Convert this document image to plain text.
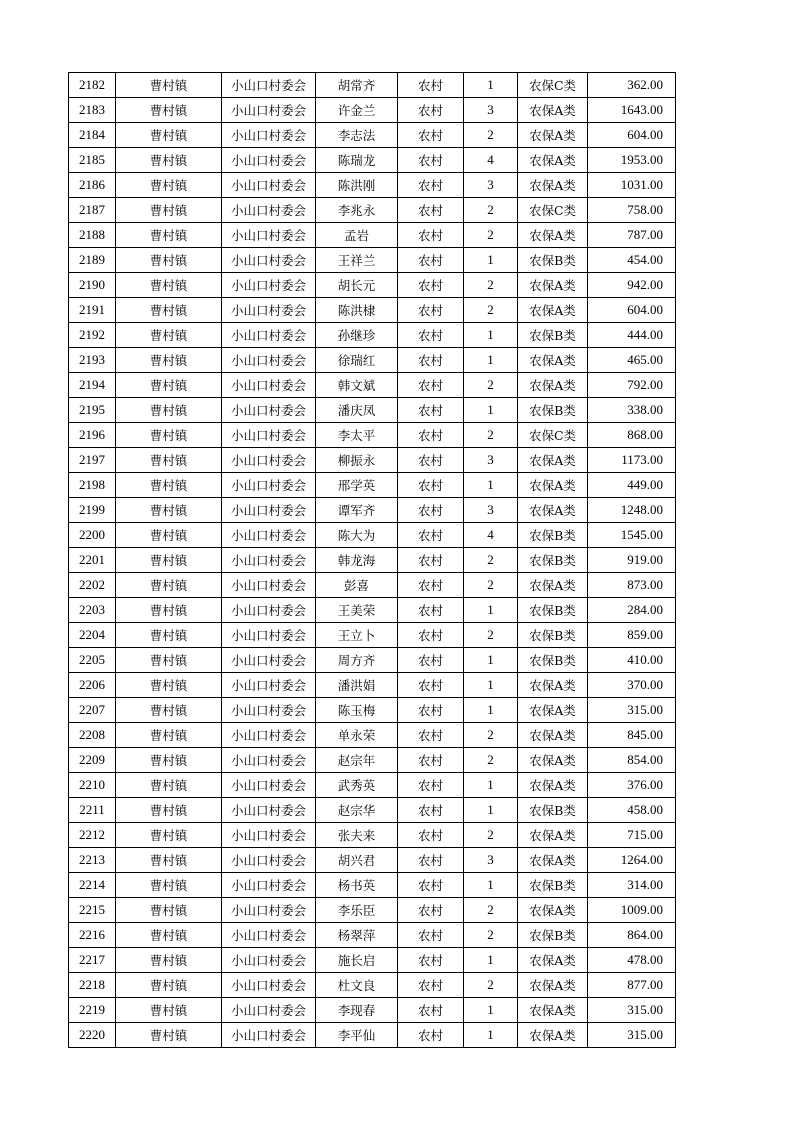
2182	曹村镇	小山口村委会	胡常齐	农村	1	农保C类	362.00
2183	曹村镇	小山口村委会	许金兰	农村	3	农保A类	1643.00
2184	曹村镇	小山口村委会	李志法	农村	2	农保A类	604.00
2185	曹村镇	小山口村委会	陈瑞龙	农村	4	农保A类	1953.00
2186	曹村镇	小山口村委会	陈洪刚	农村	3	农保A类	1031.00
2187	曹村镇	小山口村委会	李兆永	农村	2	农保C类	758.00
2188	曹村镇	小山口村委会	孟岩	农村	2	农保A类	787.00
2189	曹村镇	小山口村委会	王祥兰	农村	1	农保B类	454.00
2190	曹村镇	小山口村委会	胡长元	农村	2	农保A类	942.00
2191	曹村镇	小山口村委会	陈洪棣	农村	2	农保A类	604.00
2192	曹村镇	小山口村委会	孙继珍	农村	1	农保B类	444.00
2193	曹村镇	小山口村委会	徐瑞红	农村	1	农保A类	465.00
2194	曹村镇	小山口村委会	韩文斌	农村	2	农保A类	792.00
2195	曹村镇	小山口村委会	潘庆凤	农村	1	农保B类	338.00
2196	曹村镇	小山口村委会	李太平	农村	2	农保C类	868.00
2197	曹村镇	小山口村委会	柳振永	农村	3	农保A类	1173.00
2198	曹村镇	小山口村委会	邢学英	农村	1	农保A类	449.00
2199	曹村镇	小山口村委会	谭军齐	农村	3	农保A类	1248.00
2200	曹村镇	小山口村委会	陈大为	农村	4	农保B类	1545.00
2201	曹村镇	小山口村委会	韩龙海	农村	2	农保B类	919.00
2202	曹村镇	小山口村委会	彭喜	农村	2	农保A类	873.00
2203	曹村镇	小山口村委会	王美荣	农村	1	农保B类	284.00
2204	曹村镇	小山口村委会	王立卜	农村	2	农保B类	859.00
2205	曹村镇	小山口村委会	周方齐	农村	1	农保B类	410.00
2206	曹村镇	小山口村委会	潘洪娟	农村	1	农保A类	370.00
2207	曹村镇	小山口村委会	陈玉梅	农村	1	农保A类	315.00
2208	曹村镇	小山口村委会	单永荣	农村	2	农保A类	845.00
2209	曹村镇	小山口村委会	赵宗年	农村	2	农保A类	854.00
2210	曹村镇	小山口村委会	武秀英	农村	1	农保A类	376.00
2211	曹村镇	小山口村委会	赵宗华	农村	1	农保B类	458.00
2212	曹村镇	小山口村委会	张夫来	农村	2	农保A类	715.00
2213	曹村镇	小山口村委会	胡兴君	农村	3	农保A类	1264.00
2214	曹村镇	小山口村委会	杨书英	农村	1	农保B类	314.00
2215	曹村镇	小山口村委会	李乐臣	农村	2	农保A类	1009.00
2216	曹村镇	小山口村委会	杨翠萍	农村	2	农保B类	864.00
2217	曹村镇	小山口村委会	施长启	农村	1	农保A类	478.00
2218	曹村镇	小山口村委会	杜文良	农村	2	农保A类	877.00
2219	曹村镇	小山口村委会	李现春	农村	1	农保A类	315.00
2220	曹村镇	小山口村委会	李平仙	农村	1	农保A类	315.00
